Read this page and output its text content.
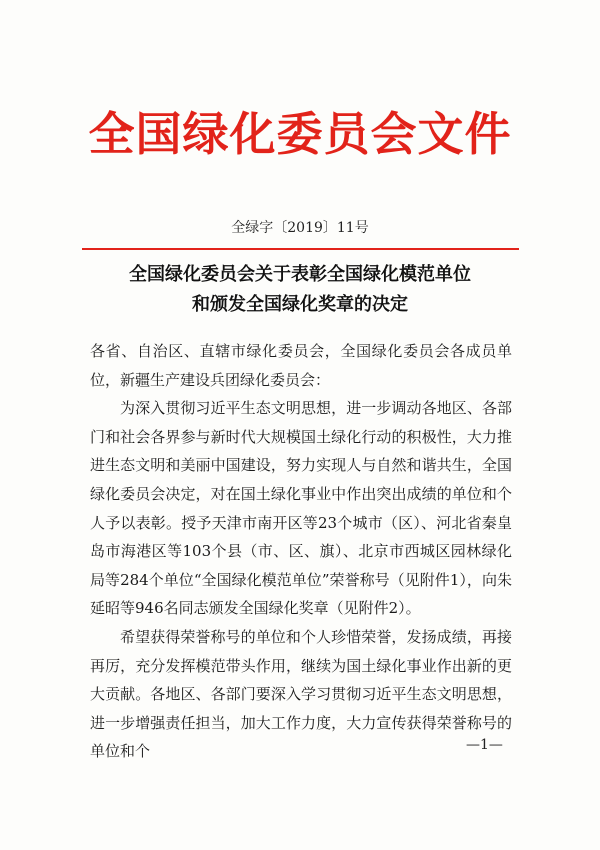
全国绿化委员会文件
全绿字〔2019〕11号
全国绿化委员会关于表彰全国绿化模范单位
和颁发全国绿化奖章的决定

各省、自治区、直辖市绿化委员会，全国绿化委员会各成员单位，新疆生产建设兵团绿化委员会：

为深入贯彻习近平生态文明思想，进一步调动各地区、各部门和社会各界参与新时代大规模国土绿化行动的积极性，大力推进生态文明和美丽中国建设，努力实现人与自然和谐共生，全国绿化委员会决定，对在国土绿化事业中作出突出成绩的单位和个人予以表彰。授予天津市南开区等23个城市（区）、河北省秦皇岛市海港区等103个县（市、区、旗）、北京市西城区园林绿化局等284个单位“全国绿化模范单位”荣誉称号（见附件1），向朱延昭等946名同志颁发全国绿化奖章（见附件2）。

希望获得荣誉称号的单位和个人珍惜荣誉，发扬成绩，再接再厉，充分发挥模范带头作用，继续为国土绿化事业作出新的更大贡献。各地区、各部门要深入学习贯彻习近平生态文明思想，进一步增强责任担当，加大工作力度，大力宣传获得荣誉称号的单位和个	—1—
